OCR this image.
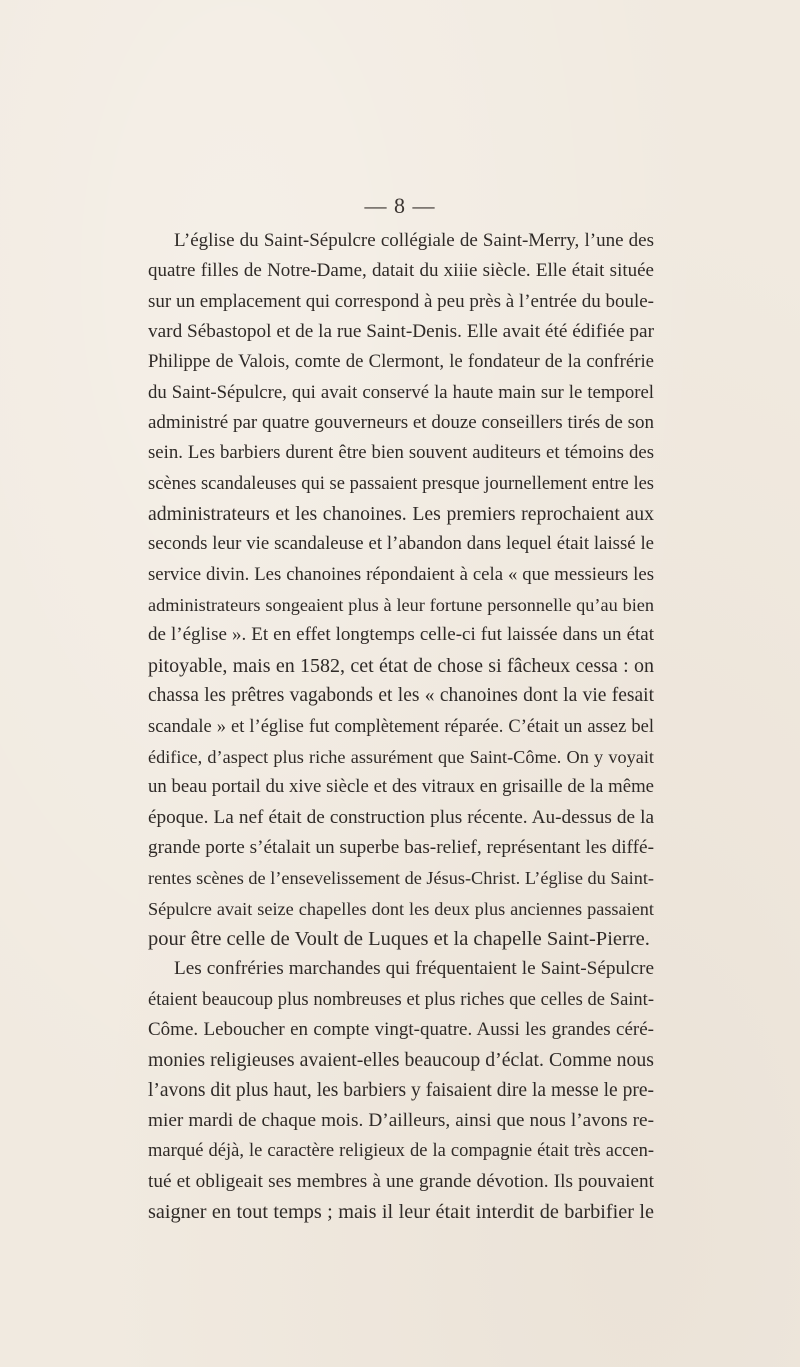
— 8 —
L’église du Saint-Sépulcre collégiale de Saint-Merry, l’une des
quatre filles de Notre-Dame, datait du xiiie siècle. Elle était située
sur un emplacement qui correspond à peu près à l’entrée du boule-
vard Sébastopol et de la rue Saint-Denis. Elle avait été édifiée par
Philippe de Valois, comte de Clermont, le fondateur de la confrérie
du Saint-Sépulcre, qui avait conservé la haute main sur le temporel
administré par quatre gouverneurs et douze conseillers tirés de son
sein. Les barbiers durent être bien souvent auditeurs et témoins des
scènes scandaleuses qui se passaient presque journellement entre les
administrateurs et les chanoines. Les premiers reprochaient aux
seconds leur vie scandaleuse et l’abandon dans lequel était laissé le
service divin. Les chanoines répondaient à cela « que messieurs les
administrateurs songeaient plus à leur fortune personnelle qu’au bien
de l’église ». Et en effet longtemps celle-ci fut laissée dans un état
pitoyable, mais en 1582, cet état de chose si fâcheux cessa : on
chassa les prêtres vagabonds et les « chanoines dont la vie fesait
scandale » et l’église fut complètement réparée. C’était un assez bel
édifice, d’aspect plus riche assurément que Saint-Côme. On y voyait
un beau portail du xive siècle et des vitraux en grisaille de la même
époque. La nef était de construction plus récente. Au-dessus de la
grande porte s’étalait un superbe bas-relief, représentant les diffé-
rentes scènes de l’ensevelissement de Jésus-Christ. L’église du Saint-
Sépulcre avait seize chapelles dont les deux plus anciennes passaient
pour être celle de Voult de Luques et la chapelle Saint-Pierre.
Les confréries marchandes qui fréquentaient le Saint-Sépulcre
étaient beaucoup plus nombreuses et plus riches que celles de Saint-
Côme. Leboucher en compte vingt-quatre. Aussi les grandes céré-
monies religieuses avaient-elles beaucoup d’éclat. Comme nous
l’avons dit plus haut, les barbiers y faisaient dire la messe le pre-
mier mardi de chaque mois. D’ailleurs, ainsi que nous l’avons re-
marqué déjà, le caractère religieux de la compagnie était très accen-
tué et obligeait ses membres à une grande dévotion. Ils pouvaient
saigner en tout temps ; mais il leur était interdit de barbifier le
